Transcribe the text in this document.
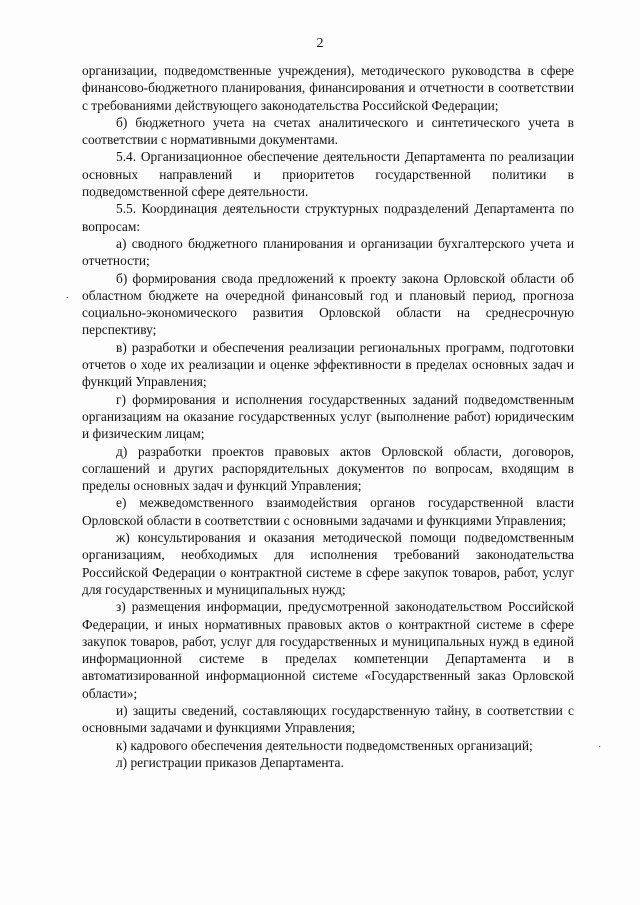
2

организации, подведомственные учреждения), методического руководства в сфере финансово-бюджетного планирования, финансирования и отчетности в соответствии с требованиями действующего законодательства Российской Федерации;

б) бюджетного учета на счетах аналитического и синтетического учета в соответствии с нормативными документами.

5.4. Организационное обеспечение деятельности Департамента по реализации основных направлений и приоритетов государственной политики в подведомственной сфере деятельности.

5.5. Координация деятельности структурных подразделений Департамента по вопросам:

а) сводного бюджетного планирования и организации бухгалтерского учета и отчетности;

б) формирования свода предложений к проекту закона Орловской области об областном бюджете на очередной финансовый год и плановый период, прогноза социально-экономического развития Орловской области на среднесрочную перспективу;

в) разработки и обеспечения реализации региональных программ, подготовки отчетов о ходе их реализации и оценке эффективности в пределах основных задач и функций Управления;

г) формирования и исполнения государственных заданий подведомственным организациям на оказание государственных услуг (выполнение работ) юридическим и физическим лицам;

д) разработки проектов правовых актов Орловской области, договоров, соглашений и других распорядительных документов по вопросам, входящим в пределы основных задач и функций Управления;

е) межведомственного взаимодействия органов государственной власти Орловской области в соответствии с основными задачами и функциями Управления;

ж) консультирования и оказания методической помощи подведомственным организациям, необходимых для исполнения требований законодательства Российской Федерации о контрактной системе в сфере закупок товаров, работ, услуг для государственных и муниципальных нужд;

з) размещения информации, предусмотренной законодательством Российской Федерации, и иных нормативных правовых актов о контрактной системе в сфере закупок товаров, работ, услуг для государственных и муниципальных нужд в единой информационной системе в пределах компетенции Департамента и в автоматизированной информационной системе «Государственный заказ Орловской области»;

и) защиты сведений, составляющих государственную тайну, в соответствии с основными задачами и функциями Управления;

к) кадрового обеспечения деятельности подведомственных организаций;

л) регистрации приказов Департамента.

.
·
